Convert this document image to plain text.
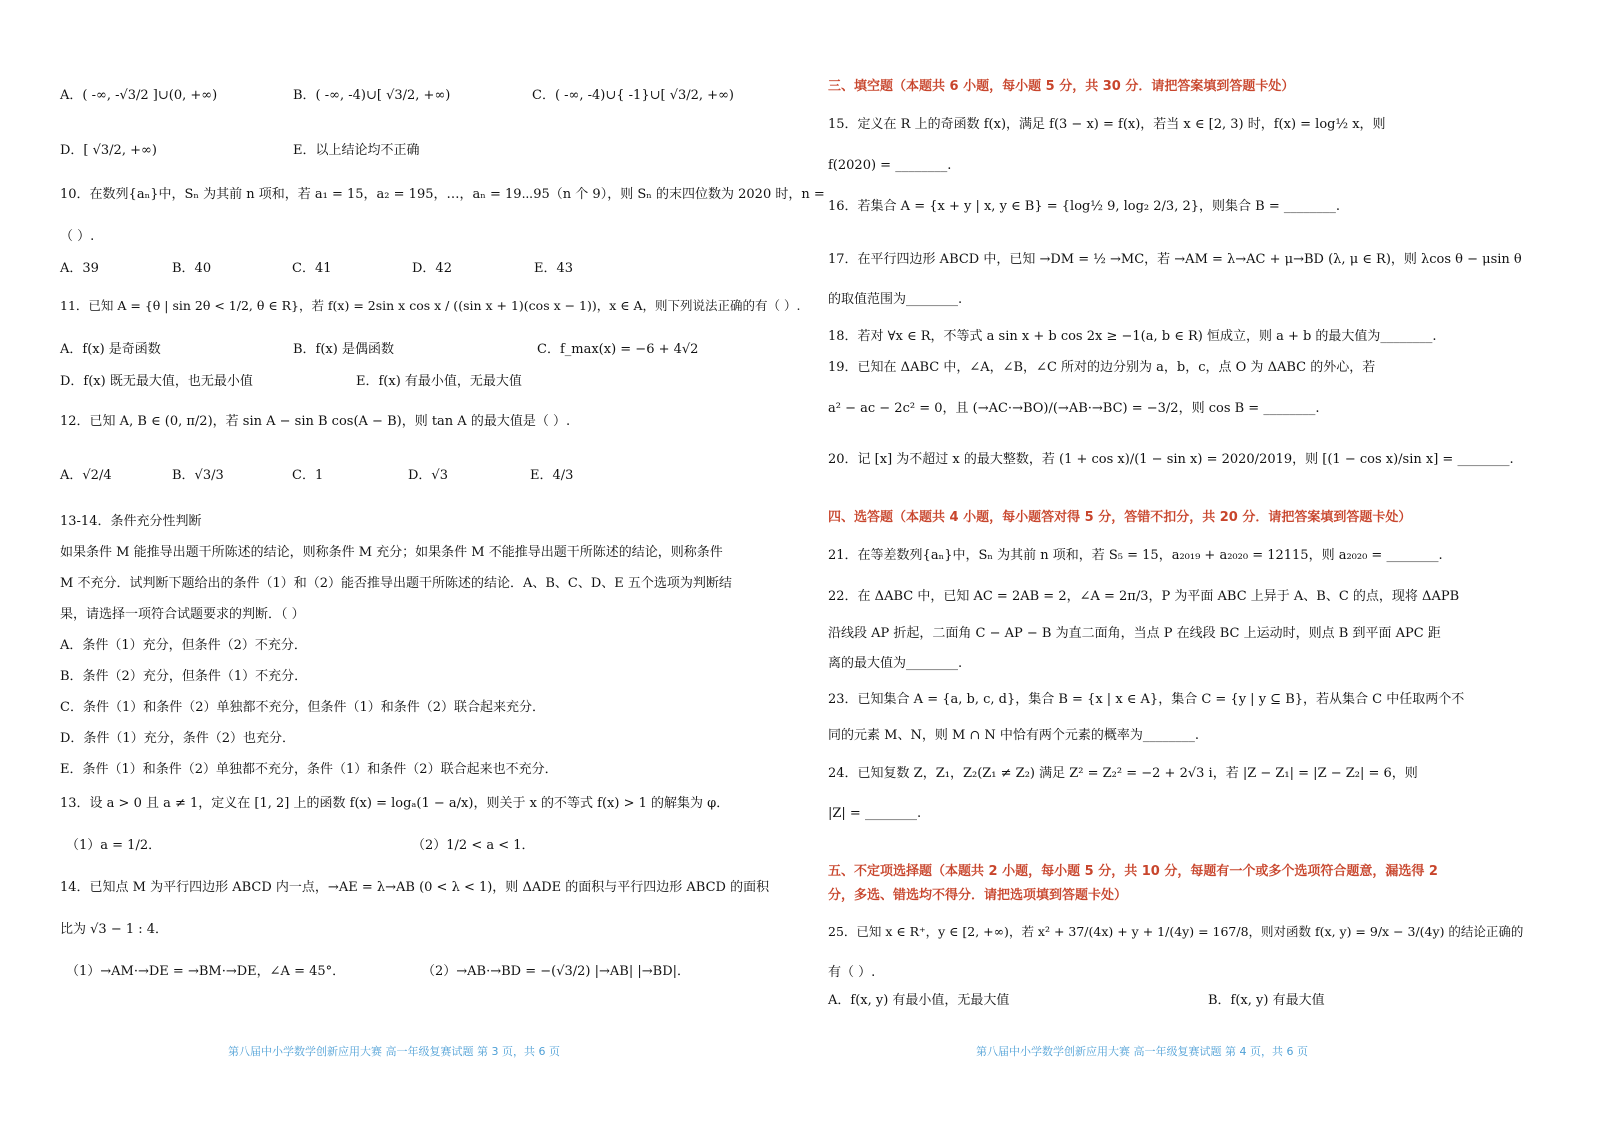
A．( -∞, -√3/2 ]∪(0, +∞)	B．( -∞, -4)∪[ √3/2, +∞)	C．( -∞, -4)∪{ -1}∪[ √3/2, +∞)
D．[ √3/2, +∞)	E．以上结论均不正确
10．在数列{aₙ}中，Sₙ 为其前 n 项和，若 a₁ = 15，a₂ = 195，…，aₙ = 19⋯95（n 个 9），则 Sₙ 的末四位数为 2020 时，n =
（ ）.
A．39	B．40	C．41	D．42	E．43
11．已知 A = {θ | sin 2θ < 1/2, θ ∈ R}，若 f(x) = 2sin x cos x / ((sin x + 1)(cos x − 1))，x ∈ A，则下列说法正确的有（ ）.
A．f(x) 是奇函数	B．f(x) 是偶函数	C．f_max(x) = −6 + 4√2
D．f(x) 既无最大值，也无最小值	E．f(x) 有最小值，无最大值
12．已知 A, B ∈ (0, π/2)，若 sin A − sin B cos(A − B)，则 tan A 的最大值是（ ）.
A．√2/4	B．√3/3	C．1	D．√3	E．4/3
13-14．条件充分性判断
如果条件 M 能推导出题干所陈述的结论，则称条件 M 充分；如果条件 M 不能推导出题干所陈述的结论，则称条件
M 不充分．试判断下题给出的条件（1）和（2）能否推导出题干所陈述的结论．A、B、C、D、E 五个选项为判断结
果，请选择一项符合试题要求的判断．（ ）
A．条件（1）充分，但条件（2）不充分．
B．条件（2）充分，但条件（1）不充分．
C．条件（1）和条件（2）单独都不充分，但条件（1）和条件（2）联合起来充分．
D．条件（1）充分，条件（2）也充分．
E．条件（1）和条件（2）单独都不充分，条件（1）和条件（2）联合起来也不充分．
13．设 a > 0 且 a ≠ 1，定义在 [1, 2] 上的函数 f(x) = logₐ(1 − a/x)，则关于 x 的不等式 f(x) > 1 的解集为 φ．
（1）a = 1/2．	（2）1/2 < a < 1．
14．已知点 M 为平行四边形 ABCD 内一点，→AE = λ→AB (0 < λ < 1)，则 ΔADE 的面积与平行四边形 ABCD 的面积
比为 √3 − 1 : 4．
（1）→AM·→DE = →BM·→DE，∠A = 45°．	（2）→AB·→BD = −(√3/2) |→AB| |→BD|．
第八届中小学数学创新应用大赛 高一年级复赛试题 第 3 页，共 6 页
三、填空题（本题共 6 小题，每小题 5 分，共 30 分．请把答案填到答题卡处）
15．定义在 R 上的奇函数 f(x)，满足 f(3 − x) = f(x)，若当 x ∈ [2, 3) 时，f(x) = log½ x，则
f(2020) = ________.
16．若集合 A = {x + y | x, y ∈ B} = {log½ 9, log₂ 2/3, 2}，则集合 B = ________.
17．在平行四边形 ABCD 中，已知 →DM = ½ →MC，若 →AM = λ→AC + μ→BD (λ, μ ∈ R)，则 λcos θ − μsin θ
的取值范围为________.
18．若对 ∀x ∈ R，不等式 a sin x + b cos 2x ≥ −1(a, b ∈ R) 恒成立，则 a + b 的最大值为________.
19．已知在 ΔABC 中，∠A，∠B，∠C 所对的边分别为 a，b，c，点 O 为 ΔABC 的外心，若
a² − ac − 2c² = 0，且 (→AC·→BO)/(→AB·→BC) = −3/2，则 cos B = ________.
20．记 [x] 为不超过 x 的最大整数，若 (1 + cos x)/(1 − sin x) = 2020/2019，则 [(1 − cos x)/sin x] = ________.
四、选答题（本题共 4 小题，每小题答对得 5 分，答错不扣分，共 20 分．请把答案填到答题卡处）
21．在等差数列{aₙ}中，Sₙ 为其前 n 项和，若 S₅ = 15，a₂₀₁₉ + a₂₀₂₀ = 12115，则 a₂₀₂₀ = ________.
22．在 ΔABC 中，已知 AC = 2AB = 2，∠A = 2π/3，P 为平面 ABC 上异于 A、B、C 的点，现将 ΔAPB
沿线段 AP 折起，二面角 C − AP − B 为直二面角，当点 P 在线段 BC 上运动时，则点 B 到平面 APC 距
离的最大值为________.
23．已知集合 A = {a, b, c, d}，集合 B = {x | x ∈ A}，集合 C = {y | y ⊆ B}，若从集合 C 中任取两个不
同的元素 M、N，则 M ∩ N 中恰有两个元素的概率为________.
24．已知复数 Z，Z₁，Z₂(Z₁ ≠ Z₂) 满足 Z² = Z₂² = −2 + 2√3 i，若 |Z − Z₁| = |Z − Z₂| = 6，则
|Z| = ________.
五、不定项选择题（本题共 2 小题，每小题 5 分，共 10 分，每题有一个或多个选项符合题意，漏选得 2
分，多选、错选均不得分．请把选项填到答题卡处）
25．已知 x ∈ R⁺，y ∈ [2, +∞)，若 x² + 37/(4x) + y + 1/(4y) = 167/8，则对函数 f(x, y) = 9/x − 3/(4y) 的结论正确的
有（ ）.
A．f(x, y) 有最小值，无最大值	B．f(x, y) 有最大值
第八届中小学数学创新应用大赛 高一年级复赛试题 第 4 页，共 6 页
